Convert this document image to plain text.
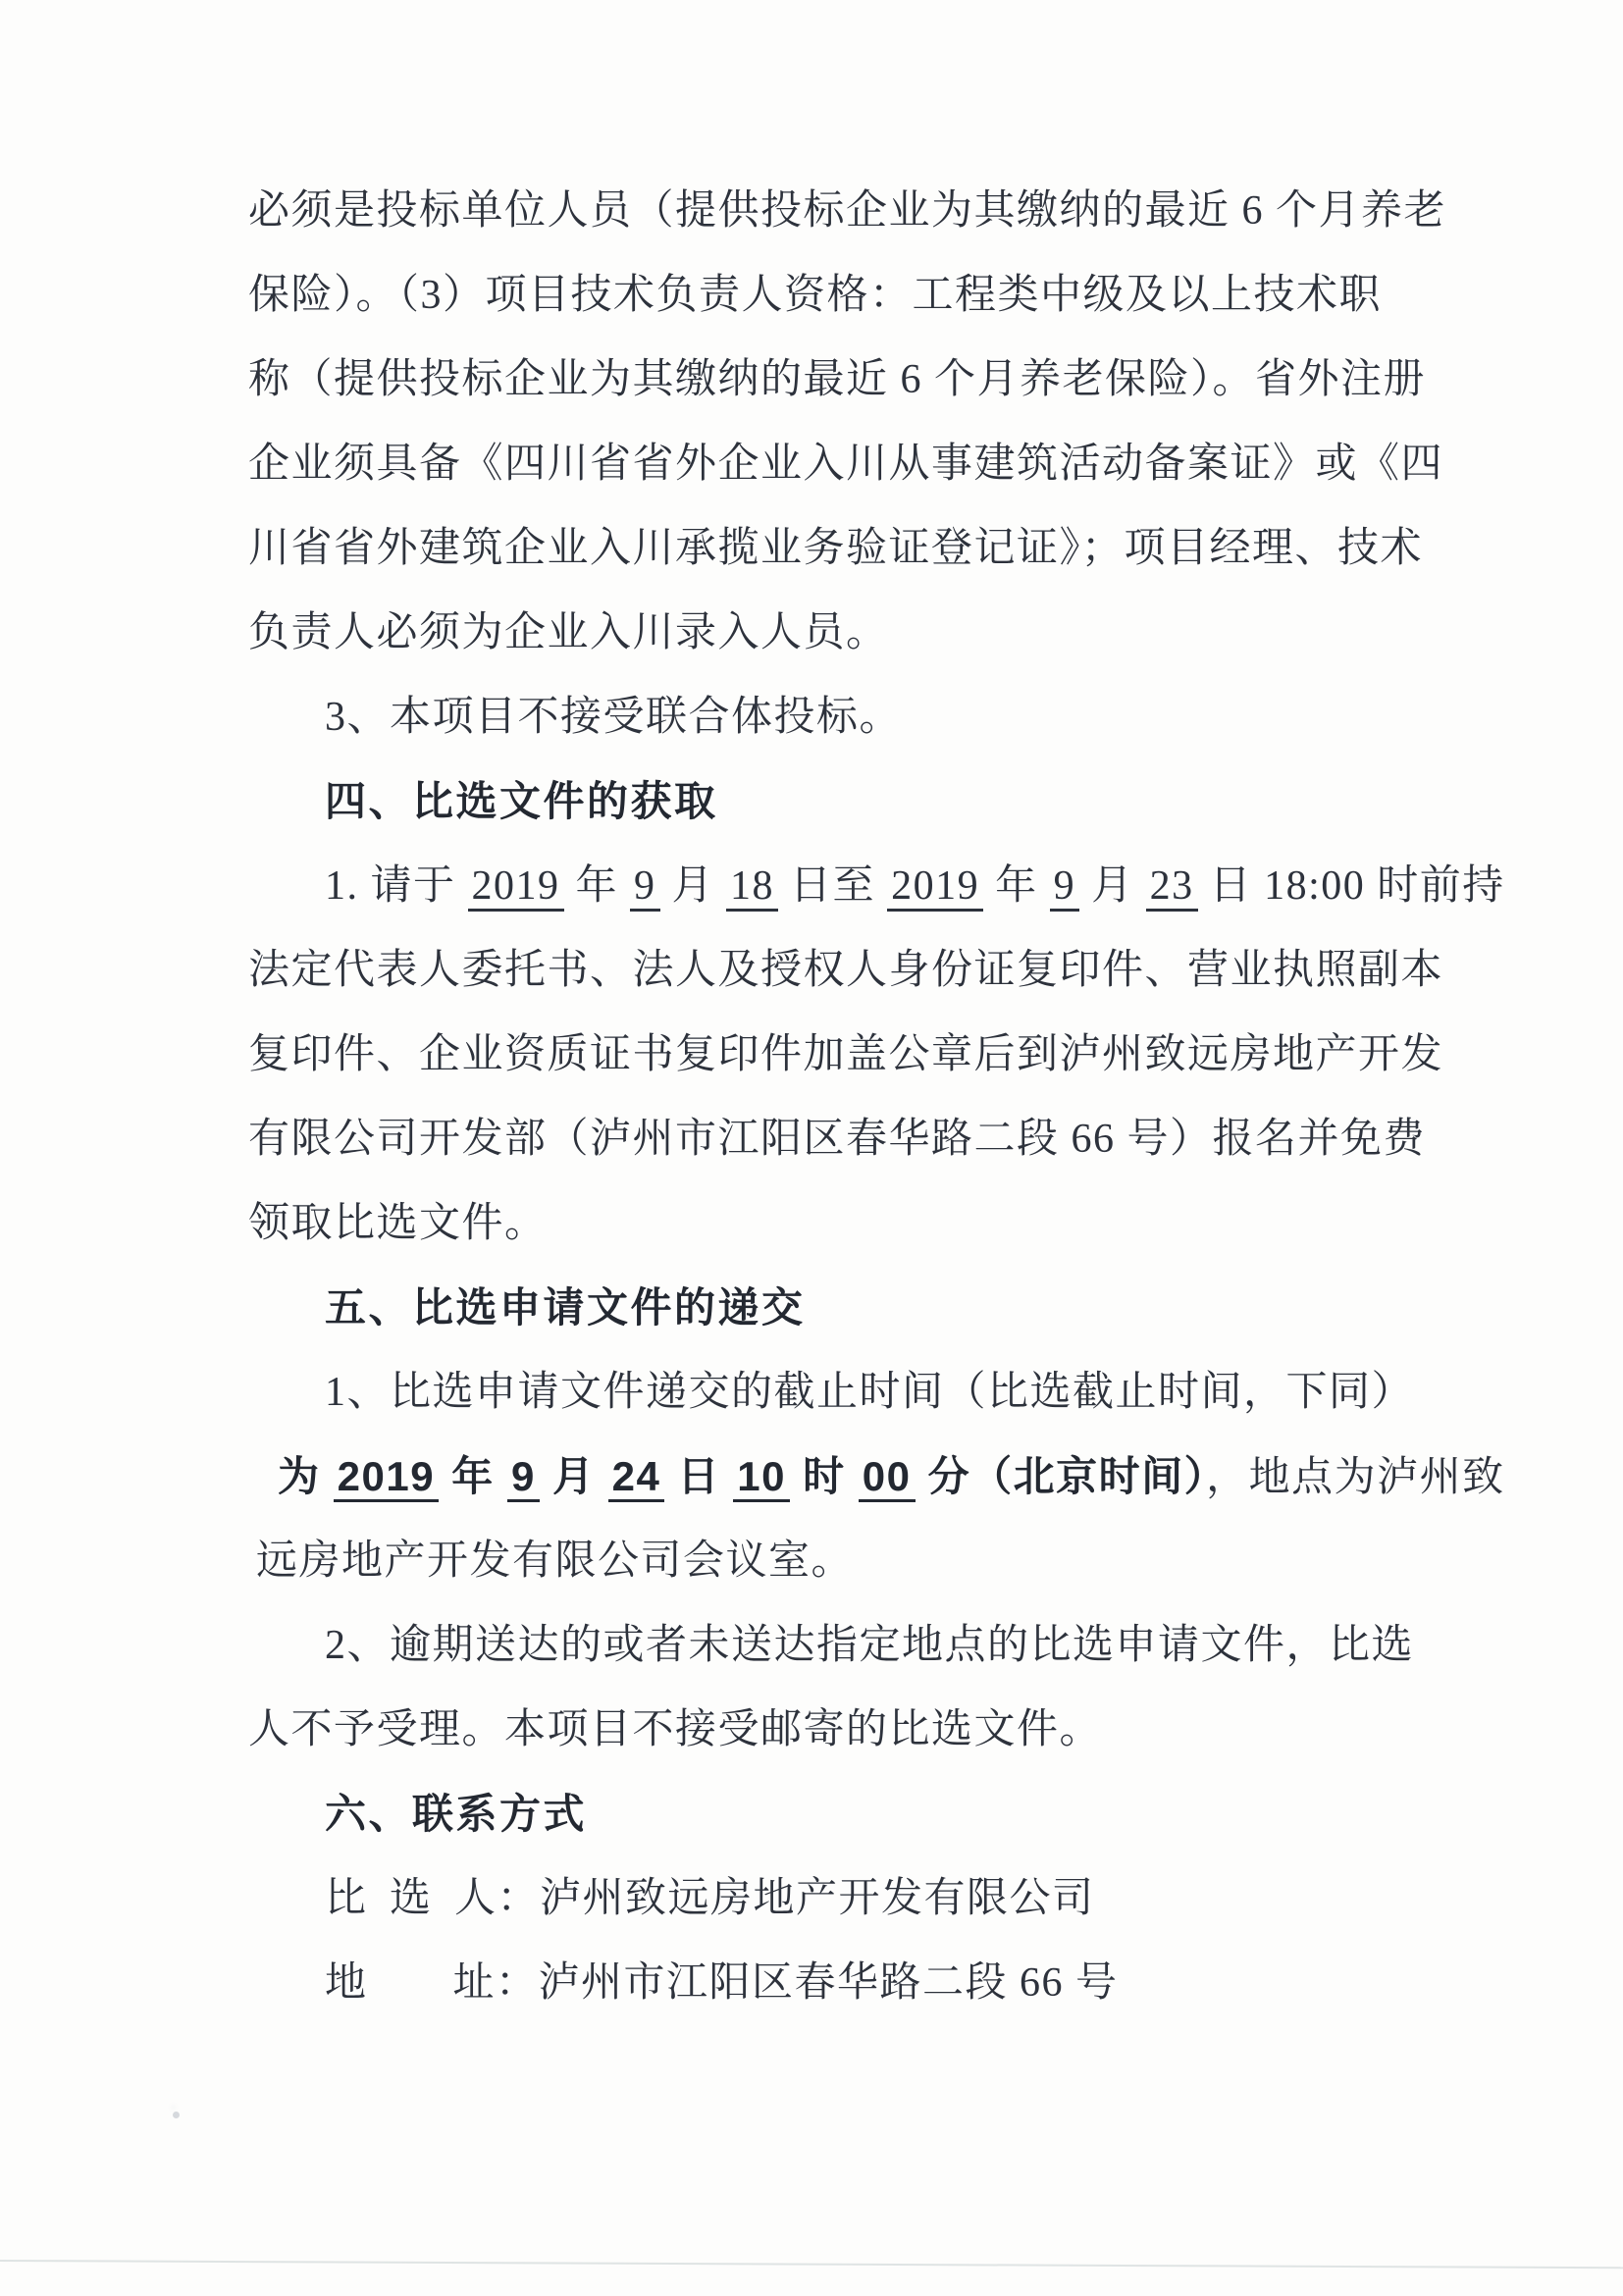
必须是投标单位人员（提供投标企业为其缴纳的最近 6 个月养老
保险）。（3）项目技术负责人资格：工程类中级及以上技术职
称（提供投标企业为其缴纳的最近 6 个月养老保险）。省外注册
企业须具备《四川省省外企业入川从事建筑活动备案证》或《四
川省省外建筑企业入川承揽业务验证登记证》；项目经理、技术
负责人必须为企业入川录入人员。
3、本项目不接受联合体投标。
四、比选文件的获取
1. 请于 2019 年 9 月 18 日至 2019 年 9 月 23 日 18:00 时前持
法定代表人委托书、法人及授权人身份证复印件、营业执照副本
复印件、企业资质证书复印件加盖公章后到泸州致远房地产开发
有限公司开发部（泸州市江阳区春华路二段 66 号）报名并免费
领取比选文件。
五、比选申请文件的递交
1、比选申请文件递交的截止时间（比选截止时间，下同）
为 2019 年 9 月 24 日 10 时 00 分（北京时间），地点为泸州致
远房地产开发有限公司会议室。
2、逾期送达的或者未送达指定地点的比选申请文件，比选
人不予受理。本项目不接受邮寄的比选文件。
六、联系方式
比 选 人：泸州致远房地产开发有限公司
地　　址：泸州市江阳区春华路二段 66 号
